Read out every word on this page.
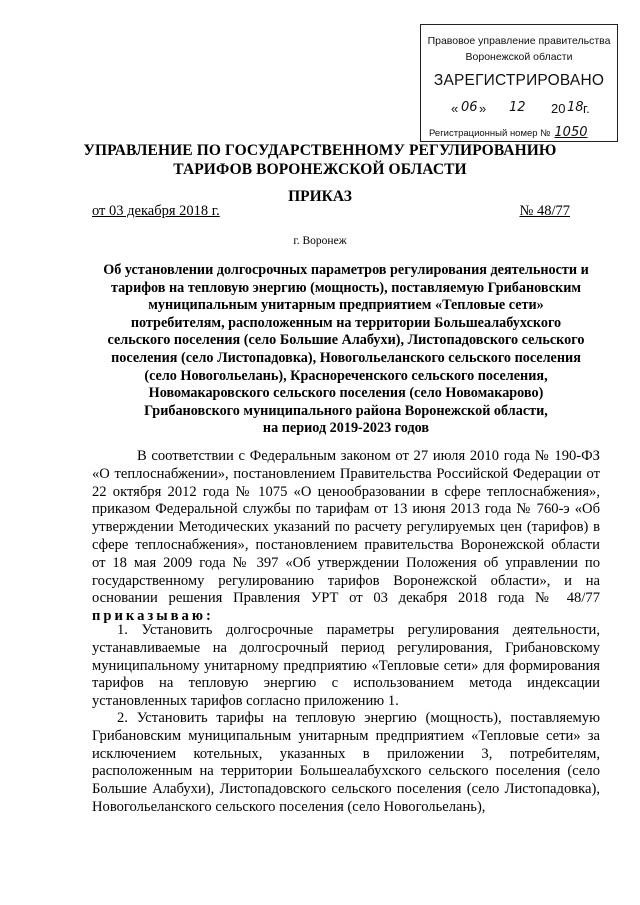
Правовое управление правительства
Воронежской области
ЗАРЕГИСТРИРОВАНО
« 06 » 12 20 18 г.
Регистрационный номер № 1050
УПРАВЛЕНИЕ ПО ГОСУДАРСТВЕННОМУ РЕГУЛИРОВАНИЮ
ТАРИФОВ ВОРОНЕЖСКОЙ ОБЛАСТИ
ПРИКАЗ
от 03 декабря 2018 г.	№ 48/77
г. Воронеж
Об установлении долгосрочных параметров регулирования деятельности и
тарифов на тепловую энергию (мощность), поставляемую Грибановским
муниципальным унитарным предприятием «Тепловые сети»
потребителям, расположенным на территории Большеалабухского
сельского поселения (село Большие Алабухи), Листопадовского сельского
поселения (село Листопадовка), Новогольеланского сельского поселения
(село Новогольелань), Краснореченского сельского поселения,
Новомакаровского сельского поселения (село Новомакарово)
Грибановского муниципального района Воронежской области,
на период 2019-2023 годов
В соответствии с Федеральным законом от 27 июля 2010 года № 190-ФЗ «О теплоснабжении», постановлением Правительства Российской Федерации от 22 октября 2012 года № 1075 «О ценообразовании в сфере теплоснабжения», приказом Федеральной службы по тарифам от 13 июня 2013 года № 760-э «Об утверждении Методических указаний по расчету регулируемых цен (тарифов) в сфере теплоснабжения», постановлением правительства Воронежской области от 18 мая 2009 года № 397 «Об утверждении Положения об управлении по государственному регулированию тарифов Воронежской области», и на основании решения Правления УРТ от 03 декабря 2018 года № 48/77 приказываю:
1. Установить долгосрочные параметры регулирования деятельности, устанавливаемые на долгосрочный период регулирования, Грибановскому муниципальному унитарному предприятию «Тепловые сети» для формирования тарифов на тепловую энергию с использованием метода индексации установленных тарифов согласно приложению 1.
2. Установить тарифы на тепловую энергию (мощность), поставляемую Грибановским муниципальным унитарным предприятием «Тепловые сети» за исключением котельных, указанных в приложении 3, потребителям, расположенным на территории Большеалабухского сельского поселения (село Большие Алабухи), Листопадовского сельского поселения (село Листопадовка), Новогольеланского сельского поселения (село Новогольелань),
